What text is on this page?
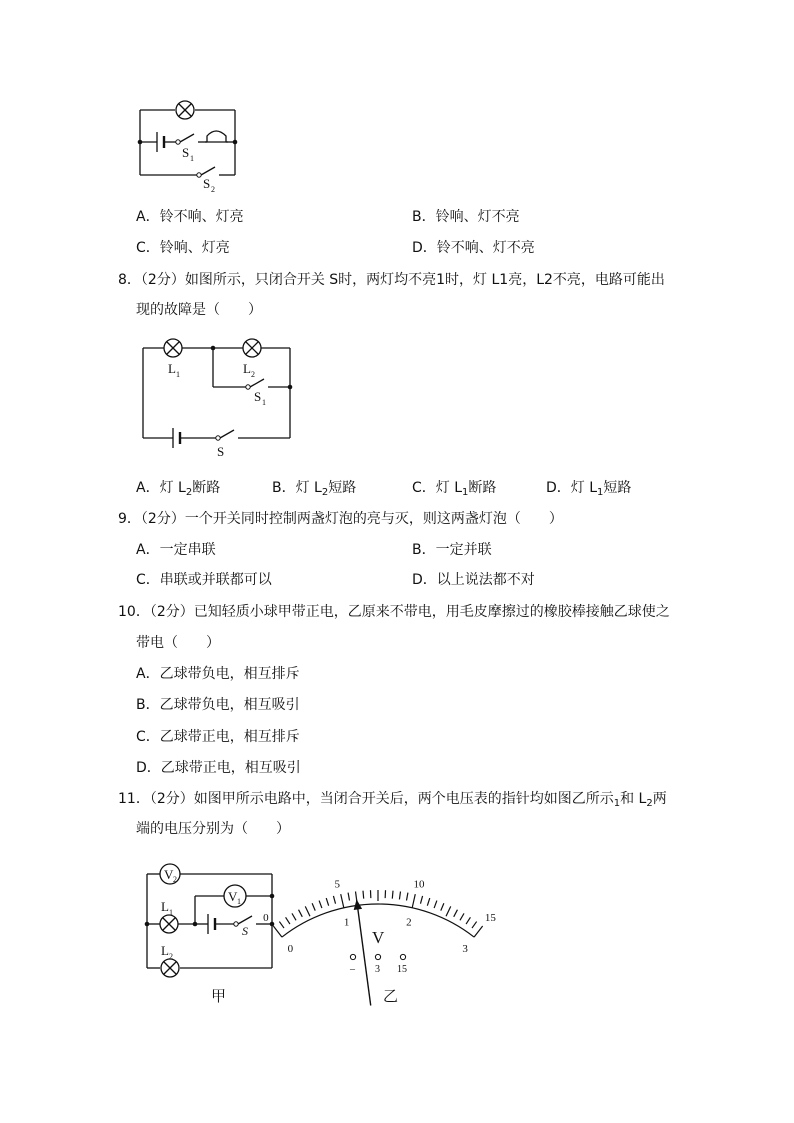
S 1
S 2
A．铃不响、灯亮	B．铃响、灯不亮
C．铃响、灯亮	D．铃不响、灯不亮
8．（2分）如图所示，只闭合开关 S时，两灯均不亮1时，灯 L1亮，L2不亮，电路可能出
现的故障是（　　）
L 1	L 2
S 1
S
A．灯 $L_2$断路	B．灯 $L_2$短路	C．灯 $L_1$断路	D．灯 $L_1$短路
9．（2分）一个开关同时控制两盏灯泡的亮与灭，则这两盏灯泡（　　）
A．一定串联	B．一定并联
C．串联或并联都可以	D．以上说法都不对
10．（2分）已知轻质小球甲带正电，乙原来不带电，用毛皮摩擦过的橡胶棒接触乙球使之
带电（　　）
A．乙球带负电，相互排斥
B．乙球带负电，相互吸引
C．乙球带正电，相互排斥
D．乙球带正电，相互吸引
11．（2分）如图甲所示电路中，当闭合开关后，两个电压表的指针均如图乙所示$_1$和 $L_2$两
端的电压分别为（　　）
V 2
V 1
L 1
L 2
S
甲
0
5	10
15
0
1	2
3
V
– 3 15
乙
